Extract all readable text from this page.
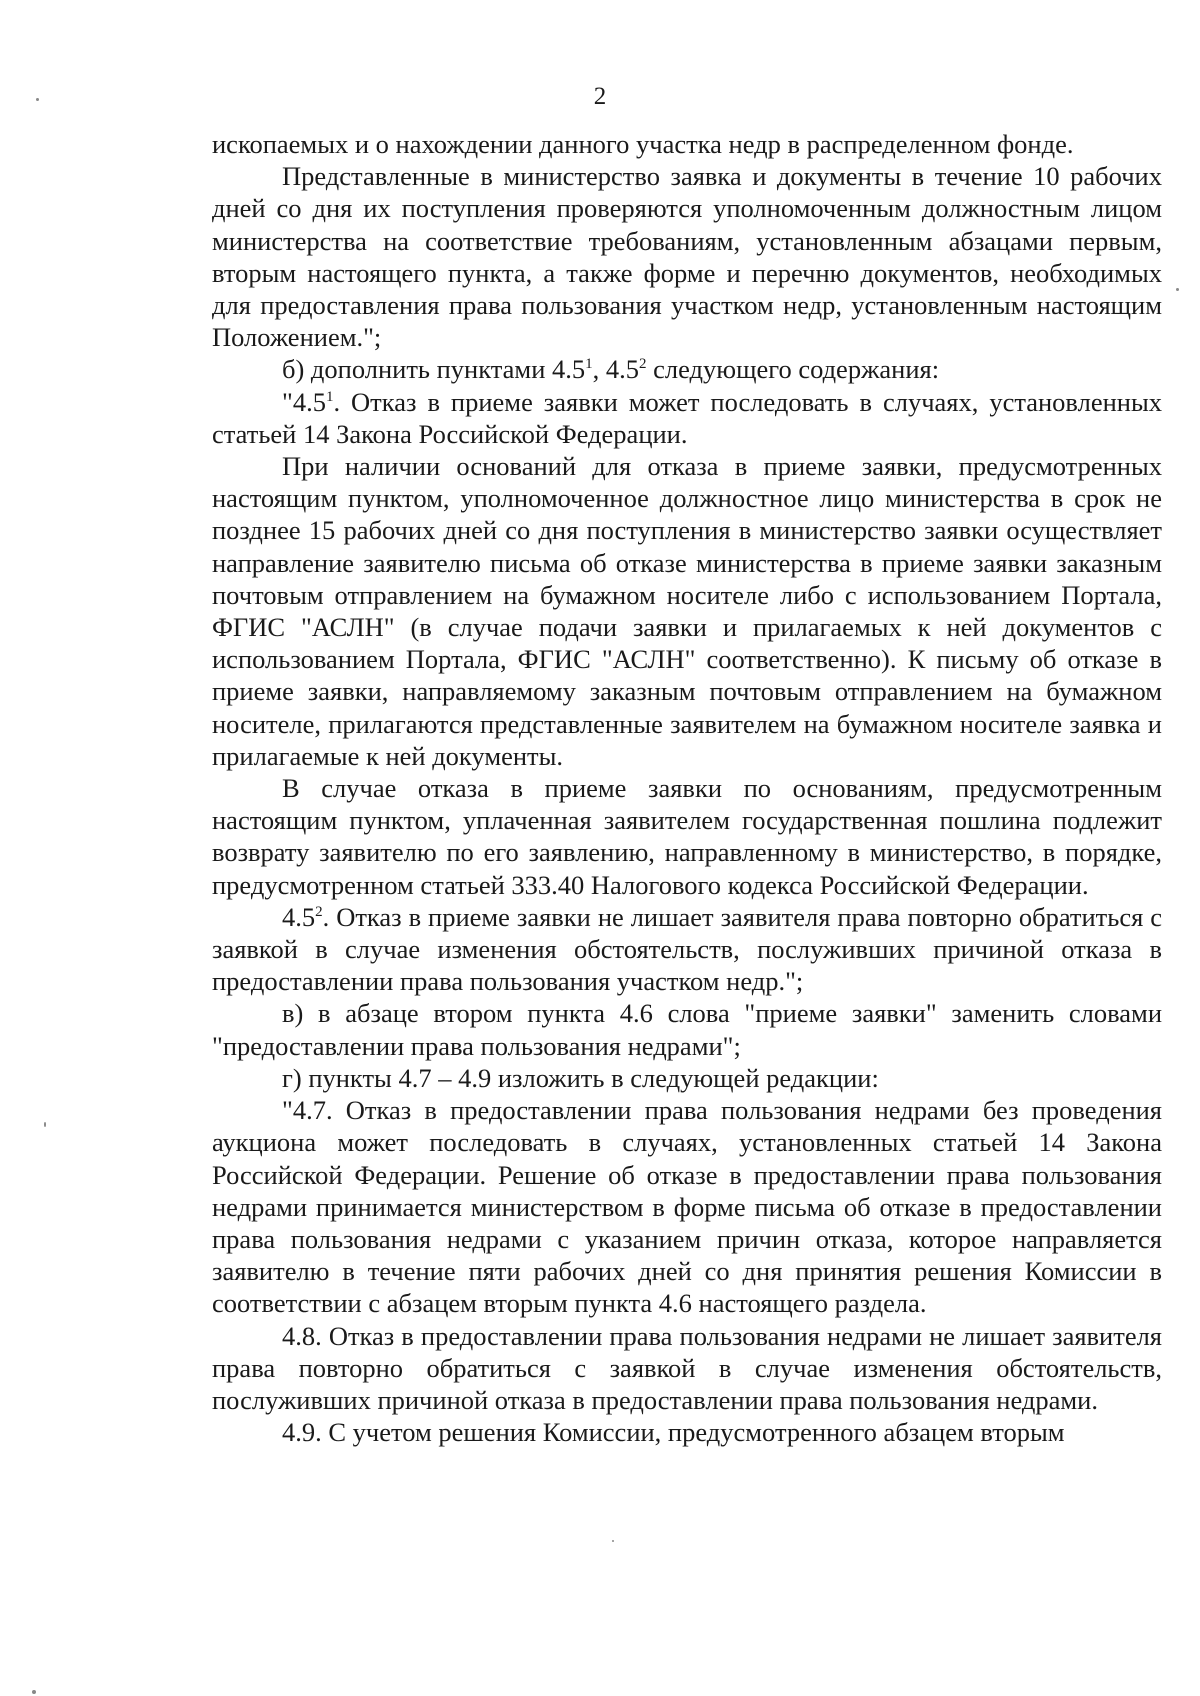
2

ископаемых и о нахождении данного участка недр в распределенном фонде.

Представленные в министерство заявка и документы в течение 10 рабочих дней со дня их поступления проверяются уполномоченным должностным лицом министерства на соответствие требованиям, установленным абзацами первым, вторым настоящего пункта, а также форме и перечню документов, необходимых для предоставления права пользования участком недр, установленным настоящим Положением.";

б) дополнить пунктами $4.5^1$, $4.5^2$ следующего содержания:

"$4.5^1$. Отказ в приеме заявки может последовать в случаях, установленных статьей 14 Закона Российской Федерации.

При наличии оснований для отказа в приеме заявки, предусмотренных настоящим пунктом, уполномоченное должностное лицо министерства в срок не позднее 15 рабочих дней со дня поступления в министерство заявки осуществляет направление заявителю письма об отказе министерства в приеме заявки заказным почтовым отправлением на бумажном носителе либо с использованием Портала, ФГИС "АСЛН" (в случае подачи заявки и прилагаемых к ней документов с использованием Портала, ФГИС "АСЛН" соответственно). К письму об отказе в приеме заявки, направляемому заказным почтовым отправлением на бумажном носителе, прилагаются представленные заявителем на бумажном носителе заявка и прилагаемые к ней документы.

В случае отказа в приеме заявки по основаниям, предусмотренным настоящим пунктом, уплаченная заявителем государственная пошлина подлежит возврату заявителю по его заявлению, направленному в министерство, в порядке, предусмотренном статьей 333.40 Налогового кодекса Российской Федерации.

$4.5^2$. Отказ в приеме заявки не лишает заявителя права повторно обратиться с заявкой в случае изменения обстоятельств, послуживших причиной отказа в предоставлении права пользования участком недр.";

в) в абзаце втором пункта 4.6 слова "приеме заявки" заменить словами "предоставлении права пользования недрами";

г) пункты 4.7 – 4.9 изложить в следующей редакции:

"4.7. Отказ в предоставлении права пользования недрами без проведения аукциона может последовать в случаях, установленных статьей 14 Закона Российской Федерации. Решение об отказе в предоставлении права пользования недрами принимается министерством в форме письма об отказе в предоставлении права пользования недрами с указанием причин отказа, которое направляется заявителю в течение пяти рабочих дней со дня принятия решения Комиссии в соответствии с абзацем вторым пункта 4.6 настоящего раздела.

4.8. Отказ в предоставлении права пользования недрами не лишает заявителя права повторно обратиться с заявкой в случае изменения обстоятельств, послуживших причиной отказа в предоставлении права пользования недрами.

4.9. С учетом решения Комиссии, предусмотренного абзацем вторым
